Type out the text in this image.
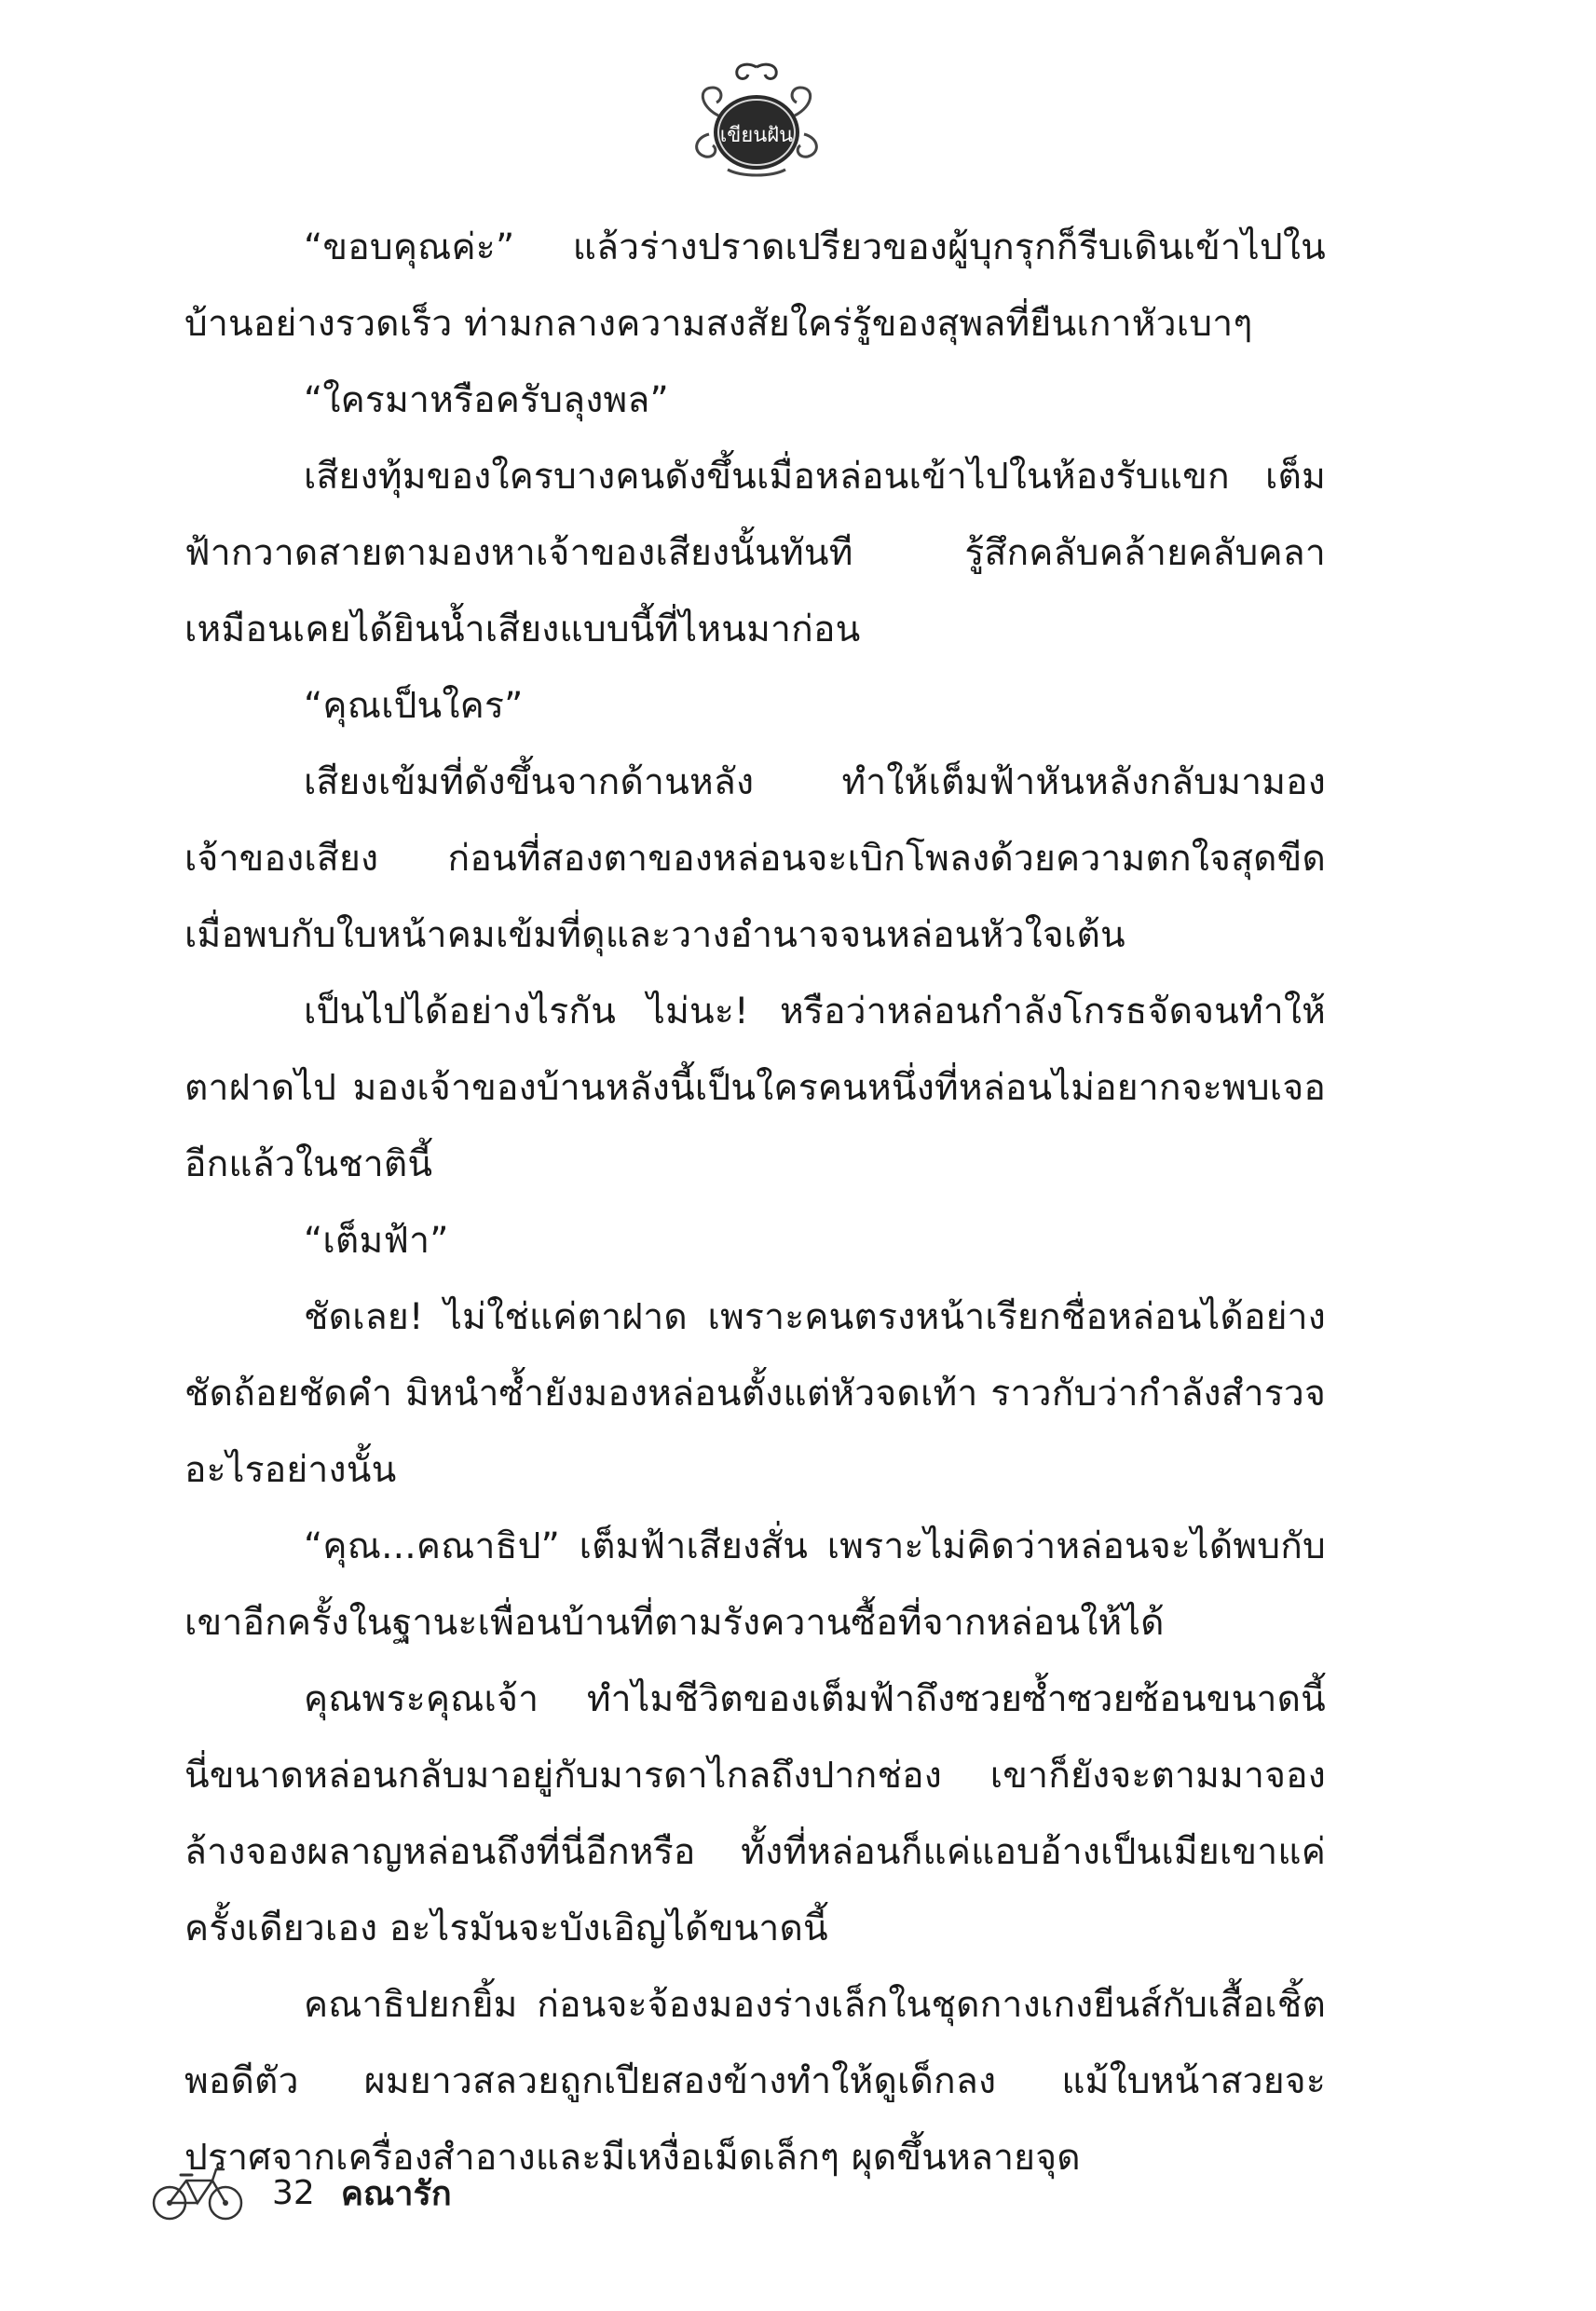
เขียนฝัน

“ขอบคุณค่ะ” แล้วร่างปราดเปรียวของผู้บุกรุกก็รีบเดินเข้าไปในบ้านอย่างรวดเร็ว ท่ามกลางความสงสัยใคร่รู้ของสุพลที่ยืนเกาหัวเบาๆ

“ใครมาหรือครับลุงพล”

เสียงทุ้มของใครบางคนดังขึ้นเมื่อหล่อนเข้าไปในห้องรับแขก เต็มฟ้ากวาดสายตามองหาเจ้าของเสียงนั้นทันที รู้สึกคลับคล้ายคลับคลาเหมือนเคยได้ยินน้ำเสียงแบบนี้ที่ไหนมาก่อน

“คุณเป็นใคร”

เสียงเข้มที่ดังขึ้นจากด้านหลัง ทำให้เต็มฟ้าหันหลังกลับมามองเจ้าของเสียง ก่อนที่สองตาของหล่อนจะเบิกโพลงด้วยความตกใจสุดขีดเมื่อพบกับใบหน้าคมเข้มที่ดุและวางอำนาจจนหล่อนหัวใจเต้น

เป็นไปได้อย่างไรกัน ไม่นะ! หรือว่าหล่อนกำลังโกรธจัดจนทำให้ตาฝาดไป มองเจ้าของบ้านหลังนี้เป็นใครคนหนึ่งที่หล่อนไม่อยากจะพบเจออีกแล้วในชาตินี้

“เต็มฟ้า”

ชัดเลย! ไม่ใช่แค่ตาฝาด เพราะคนตรงหน้าเรียกชื่อหล่อนได้อย่างชัดถ้อยชัดคำ มิหนำซ้ำยังมองหล่อนตั้งแต่หัวจดเท้า ราวกับว่ากำลังสำรวจอะไรอย่างนั้น

“คุณ...คณาธิป” เต็มฟ้าเสียงสั่น เพราะไม่คิดว่าหล่อนจะได้พบกับเขาอีกครั้งในฐานะเพื่อนบ้านที่ตามรังควานซื้อที่จากหล่อนให้ได้

คุณพระคุณเจ้า ทำไมชีวิตของเต็มฟ้าถึงซวยซ้ำซวยซ้อนขนาดนี้ นี่ขนาดหล่อนกลับมาอยู่กับมารดาไกลถึงปากช่อง เขาก็ยังจะตามมาจองล้างจองผลาญหล่อนถึงที่นี่อีกหรือ ทั้งที่หล่อนก็แค่แอบอ้างเป็นเมียเขาแค่ครั้งเดียวเอง อะไรมันจะบังเอิญได้ขนาดนี้

คณาธิปยกยิ้ม ก่อนจะจ้องมองร่างเล็กในชุดกางเกงยีนส์กับเสื้อเชิ้ตพอดีตัว ผมยาวสลวยถูกเปียสองข้างทำให้ดูเด็กลง แม้ใบหน้าสวยจะปราศจากเครื่องสำอางและมีเหงื่อเม็ดเล็กๆ ผุดขึ้นหลายจุด

32 คณารัก
